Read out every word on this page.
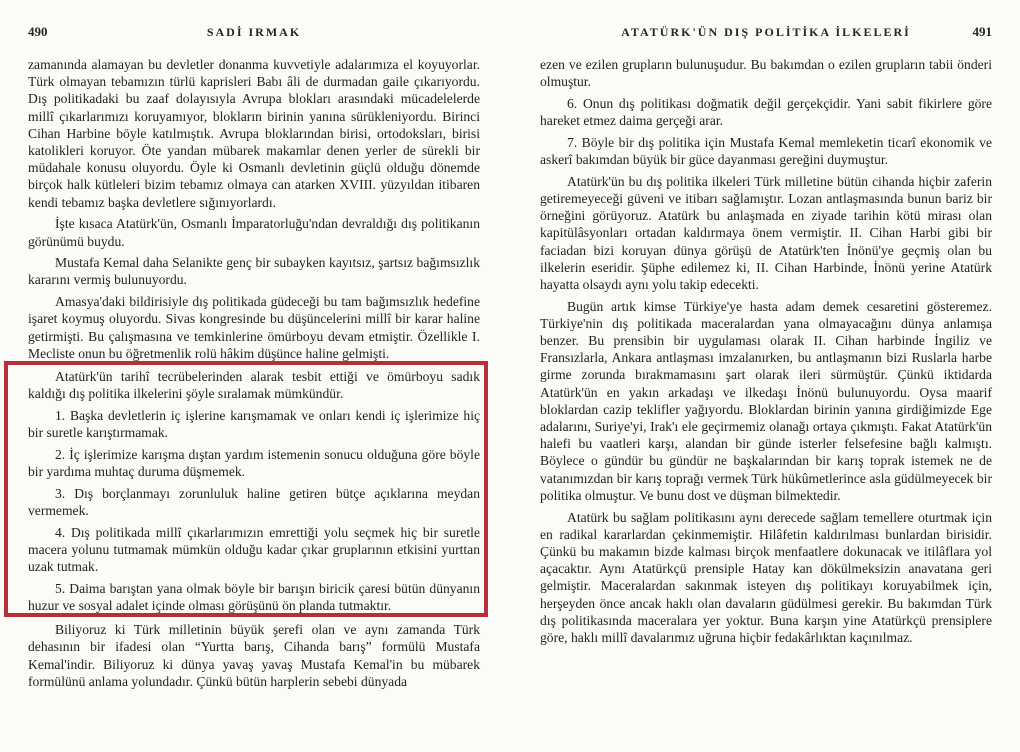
490	SADİ IRMAK

zamanında alamayan bu devletler donanma kuvvetiyle adalarımıza el koyuyorlar. Türk olmayan tebamızın türlü kaprisleri Babı âli de durmadan gaile çıkarıyordu. Dış politikadaki bu zaaf dolayısıyla Avrupa blokları arasındaki mücadelelerde millî çıkarlarımızı koruyamıyor, blokların birinin yanına sürükleniyordu. Birinci Cihan Harbine böyle katılmıştık. Avrupa bloklarından birisi, ortodoksları, birisi katolikleri koruyor. Öte yandan mübarek makamlar denen yerler de sürekli bir müdahale konusu oluyordu. Öyle ki Osmanlı devletinin güçlü olduğu dönemde birçok halk kütleleri bizim tebamız olmaya can atarken XVIII. yüzyıldan itibaren kendi tebamız başka devletlere sığınıyorlardı.

İşte kısaca Atatürk'ün, Osmanlı İmparatorluğu'ndan devraldığı dış politikanın görünümü buydu.

Mustafa Kemal daha Selanikte genç bir subayken kayıtsız, şartsız bağımsızlık kararını vermiş bulunuyordu.

Amasya'daki bildirisiyle dış politikada güdeceği bu tam bağımsızlık hedefine işaret koymuş oluyordu. Sivas kongresinde bu düşüncelerini millî bir karar haline getirmişti. Bu çalışmasına ve temkinlerine ömürboyu devam etmiştir. Özellikle I. Mecliste onun bu öğretmenlik rolü hâkim düşünce haline gelmişti.

Atatürk'ün tarihî tecrübelerinden alarak tesbit ettiği ve ömürboyu sadık kaldığı dış politika ilkelerini şöyle sıralamak mümkündür.

1. Başka devletlerin iç işlerine karışmamak ve onları kendi iç işlerimize hiç bir suretle karıştırmamak.

2. İç işlerimize karışma dıştan yardım istemenin sonucu olduğuna göre böyle bir yardıma muhtaç duruma düşmemek.

3. Dış borçlanmayı zorunluluk haline getiren bütçe açıklarına meydan vermemek.

4. Dış politikada millî çıkarlarımızın emrettiği yolu seçmek hiç bir suretle macera yolunu tutmamak mümkün olduğu kadar çıkar gruplarının etkisini yurttan uzak tutmak.

5. Daima barıştan yana olmak böyle bir barışın biricik çaresi bütün dünyanın huzur ve sosyal adalet içinde olması görüşünü ön planda tutmaktır.

Biliyoruz ki Türk milletinin büyük şerefi olan ve aynı zamanda Türk dehasının bir ifadesi olan “Yurtta barış, Cihanda barış” formülü Mustafa Kemal'indir. Biliyoruz ki dünya yavaş yavaş Mustafa Kemal'in bu mübarek formülünü anlama yolundadır. Çünkü bütün harplerin sebebi dünyada

ATATÜRK'ÜN DIŞ POLİTİKA İLKELERİ	491

ezen ve ezilen grupların bulunuşudur. Bu bakımdan o ezilen grupların tabii önderi olmuştur.

6. Onun dış politikası doğmatik değil gerçekçidir. Yani sabit fikirlere göre hareket etmez daima gerçeği arar.

7. Böyle bir dış politika için Mustafa Kemal memleketin ticarî ekonomik ve askerî bakımdan büyük bir güce dayanması gereğini duymuştur.

Atatürk'ün bu dış politika ilkeleri Türk milletine bütün cihanda hiçbir zaferin getiremeyeceği güveni ve itibarı sağlamıştır. Lozan antlaşmasında bunun bariz bir örneğini görüyoruz. Atatürk bu anlaşmada en ziyade tarihin kötü mirası olan kapitülâsyonları ortadan kaldırmaya önem vermiştir. II. Cihan Harbi gibi bir faciadan bizi koruyan dünya görüşü de Atatürk'ten İnönü'ye geçmiş olan bu ilkelerin eseridir. Şüphe edilemez ki, II. Cihan Harbinde, İnönü yerine Atatürk hayatta olsaydı aynı yolu takip edecekti.

Bugün artık kimse Türkiye'ye hasta adam demek cesaretini gösteremez. Türkiye'nin dış politikada maceralardan yana olmayacağını dünya anlamışa benzer. Bu prensibin bir uygulaması olarak II. Cihan harbinde İngiliz ve Fransızlarla, Ankara antlaşması imzalanırken, bu antlaşmanın bizi Ruslarla harbe girme zorunda bırakmamasını şart olarak ileri sürmüştür. Çünkü iktidarda Atatürk'ün en yakın arkadaşı ve ilkedaşı İnönü bulunuyordu. Oysa maarif bloklardan cazip teklifler yağıyordu. Bloklardan birinin yanına girdiğimizde Ege adalarını, Suriye'yi, Irak'ı ele geçirmemiz olanağı ortaya çıkmıştı. Fakat Atatürk'ün halefi bu vaatleri karşı, alandan bir günde isterler felsefesine bağlı kalmıştı. Böylece o gündür bu gündür ne başkalarından bir karış toprak istemek ne de vatanımızdan bir karış toprağı vermek Türk hükûmetlerince asla güdülmeyecek bir politika olmuştur. Ve bunu dost ve düşman bilmektedir.

Atatürk bu sağlam politikasını aynı derecede sağlam temellere oturtmak için en radikal kararlardan çekinmemiştir. Hilâfetin kaldırılması bunlardan birisidir. Çünkü bu makamın bizde kalması birçok menfaatlere dokunacak ve itilâflara yol açacaktır. Aynı Atatürkçü prensiple Hatay kan dökülmeksizin anavatana geri gelmiştir. Maceralardan sakınmak isteyen dış politikayı koruyabilmek için, herşeyden önce ancak haklı olan davaların güdülmesi gerekir. Bu bakımdan Türk dış politikasında maceralara yer yoktur. Buna karşın yine Atatürkçü prensiplere göre, haklı millî davalarımız uğruna hiçbir fedakârlıktan kaçınılmaz.
